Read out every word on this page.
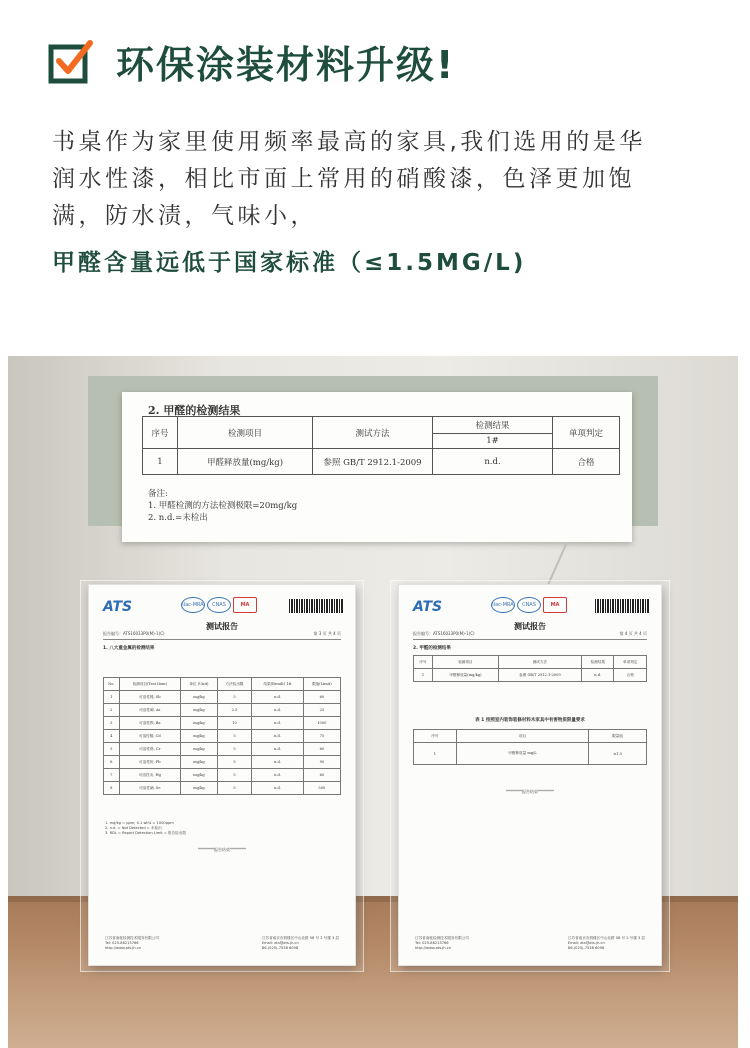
环保涂装材料升级!

书桌作为家里使用频率最高的家具,我们选用的是华

润水性漆，相比市面上常用的硝酸漆，色泽更加饱

满，防水渍，气味小，

甲醛含量远低于国家标准（≤1.5MG/L)
2. 甲醛的检测结果
序号	检测项目	测试方法	检测结果	单项判定
			1#	
1	甲醛释放量(mg/kg)	参照 GB/T 2912.1-2009	n.d.	合格
备注:
1. 甲醛检测的方法检测极限=20mg/kg
2. n.d.=未检出
ATS	ilac-MRA	CNAS	MA
测试报告
报告编号：ATS16033P0(M)-1(C)	第 3 页 共 4 页
1. 八大重金属的检测结果
No.	检测项目(Test Item)	单位 (Unit)	方法检出限	结果(Result) 1#	限值(Limit)
1	可溶性锑, Sb	mg/kg	5	n.d.	60
2	可溶性砷, As	mg/kg	2.5	n.d.	25
3	可溶性钡, Ba	mg/kg	10	n.d.	1000
4	可溶性镉, Cd	mg/kg	5	n.d.	75
5	可溶性铬, Cr	mg/kg	5	n.d.	60
6	可溶性铅, Pb	mg/kg	5	n.d.	90
7	可溶性汞, Hg	mg/kg	5	n.d.	60
8	可溶性硒, Se	mg/kg	5	n.d.	500
1. mg/kg = ppm; 0.1 wt% = 1000ppm
2. n.d. = Not Detected = 未检出
3. RDL = Report Detection Limit = 报告检出限
********报告结束********
江苏省南帐检测技术服务有限公司
Tel: 025-86215766
http://www.ats-jh.cn
江苏省南京市鼓楼区中山北路 58 号 2 号楼 3 层
Email: ats@ats-jh.cn
86-(025)-7538 6098
ATS	ilac-MRA	CNAS	MA
测试报告
报告编号：ATS16033P0(M)-1(C)	第 4 页 共 4 页
2. 甲醛的检测结果
序号	检测项目	测试方法	检测结果	单项判定
1	甲醛释放量(mg/kg)	参照 GB/T 2912.1-2009	n.d.	合格
表 1 按照室内装饰装修材料木家具中有害物质限量要求
序号	项目	限量值
1	甲醛释放量 mg/L	≤1.5
********报告结束********
江苏省南帐检测技术服务有限公司
Tel: 025-86215766
http://www.ats-jh.cn
江苏省南京市鼓楼区中山北路 58 号 2 号楼 3 层
Email: ats@ats-jh.cn
86-(025)-7538 6098
